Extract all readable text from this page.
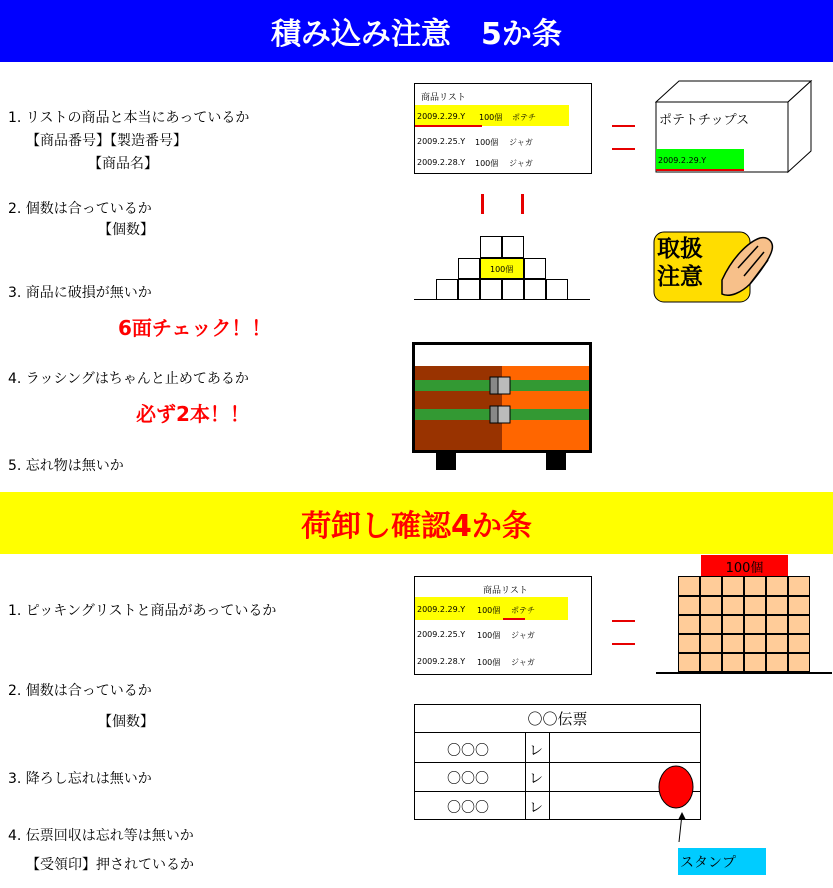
積み込み注意　5か条
1. リストの商品と本当にあっているか
【商品番号】【製造番号】
【商品名】
2. 個数は合っているか
【個数】
3. 商品に破損が無いか
6面チェック！！
4. ラッシングはちゃんと止めてあるか
必ず2本！！
5. 忘れ物は無いか
商品リスト
2009.2.29.Y 100個 ポテチ
2009.2.25.Y 100個 ジャガ
2009.2.28.Y 100個 ジャガ
ポテトチップス
2009.2.29.Y
100個
取扱
注意
荷卸し確認4か条
1. ピッキングリストと商品があっているか
2. 個数は合っているか
【個数】
3. 降ろし忘れは無いか
4. 伝票回収は忘れ等は無いか
【受領印】押されているか
商品リスト
2009.2.29.Y 100個 ポテチ
2009.2.25.Y 100個 ジャガ
2009.2.28.Y 100個 ジャガ
100個
〇〇伝票
〇〇〇	レ
〇〇〇	レ
〇〇〇	レ
スタンプ
